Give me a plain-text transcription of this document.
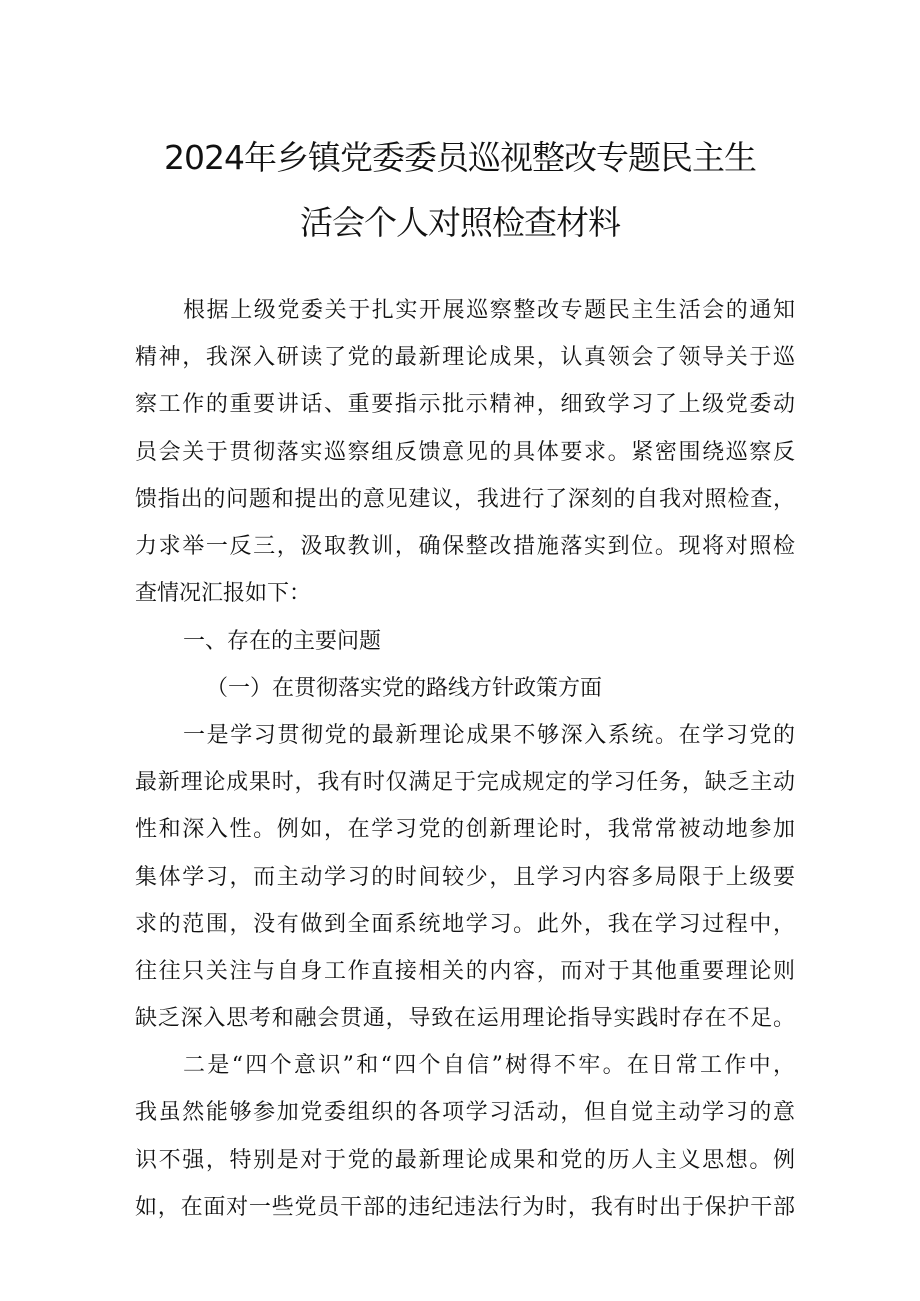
2024年乡镇党委委员巡视整改专题民主生
活会个人对照检查材料
根据上级党委关于扎实开展巡察整改专题民主生活会的通知
精神，我深入研读了党的最新理论成果，认真领会了领导关于巡
察工作的重要讲话、重要指示批示精神，细致学习了上级党委动
员会关于贯彻落实巡察组反馈意见的具体要求。紧密围绕巡察反
馈指出的问题和提出的意见建议，我进行了深刻的自我对照检查，
力求举一反三，汲取教训，确保整改措施落实到位。现将对照检
查情况汇报如下：
一、存在的主要问题
（一）在贯彻落实党的路线方针政策方面
一是学习贯彻党的最新理论成果不够深入系统。在学习党的
最新理论成果时，我有时仅满足于完成规定的学习任务，缺乏主动
性和深入性。例如，在学习党的创新理论时，我常常被动地参加
集体学习，而主动学习的时间较少，且学习内容多局限于上级要
求的范围，没有做到全面系统地学习。此外，我在学习过程中，
往往只关注与自身工作直接相关的内容，而对于其他重要理论则
缺乏深入思考和融会贯通，导致在运用理论指导实践时存在不足。
二是“四个意识”和“四个自信”树得不牢。在日常工作中，
我虽然能够参加党委组织的各项学习活动，但自觉主动学习的意
识不强，特别是对于党的最新理论成果和党的历人主义思想。例
如，在面对一些党员干部的违纪违法行为时，我有时出于保护干部
